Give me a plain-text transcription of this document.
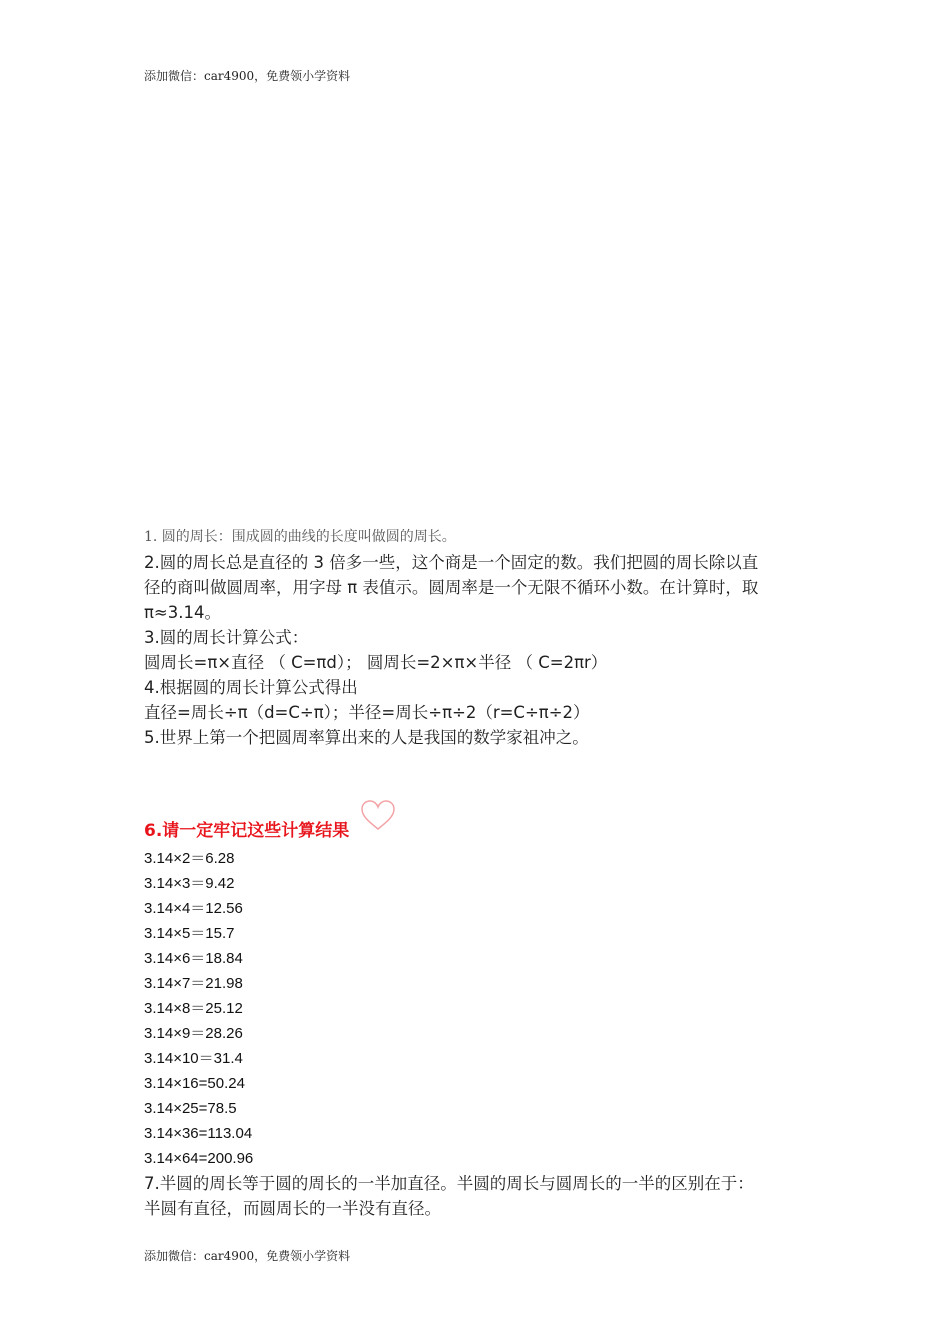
添加微信：car4900，免费领小学资料
1. 圆的周长：围成圆的曲线的长度叫做圆的周长。
2.圆的周长总是直径的 3 倍多一些，这个商是一个固定的数。我们把圆的周长除以直
径的商叫做圆周率，用字母 π 表值示。圆周率是一个无限不循环小数。在计算时，取
π≈3.14。
3.圆的周长计算公式：
圆周长=π×直径 （ C=πd）； 圆周长=2×π×半径 （ C=2πr）
4.根据圆的周长计算公式得出
直径=周长÷π（d=C÷π）；半径=周长÷π÷2（r=C÷π÷2）
5.世界上第一个把圆周率算出来的人是我国的数学家祖冲之。
6.请一定牢记这些计算结果
3.14×2＝6.28
3.14×3＝9.42
3.14×4＝12.56
3.14×5＝15.7
3.14×6＝18.84
3.14×7＝21.98
3.14×8＝25.12
3.14×9＝28.26
3.14×10＝31.4
3.14×16=50.24
3.14×25=78.5
3.14×36=113.04
3.14×64=200.96
7.半圆的周长等于圆的周长的一半加直径。半圆的周长与圆周长的一半的区别在于：
半圆有直径，而圆周长的一半没有直径。
添加微信：car4900，免费领小学资料
